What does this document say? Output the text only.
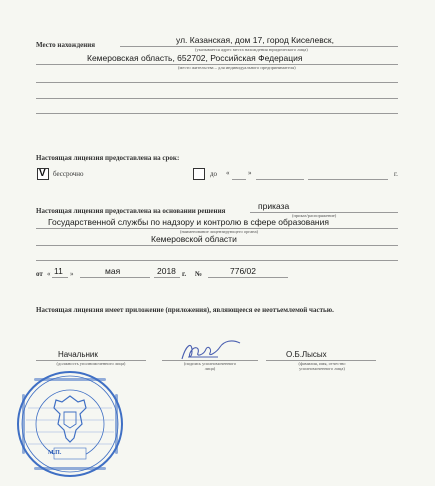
Место нахождения	ул. Казанская, дом 17, город Киселевск,
(указывается адрес места нахождения юридического лица)
Кемеровская область, 652702, Российская Федерация
(место жительства – для индивидуального предпринимателя)
Настоящая лицензия предоставлена на срок:
V бессрочно	до «	»	г.
Настоящая лицензия предоставлена на основании решения	приказа
(приказ/распоряжение)
Государственной службы по надзору и контролю в сфере образования
(наименование лицензирующего органа)
Кемеровской области
от « 11 »	мая	2018 г. №	776/02
Настоящая лицензия имеет приложение (приложения), являющееся ее неотъемлемой частью.
Начальник
(должность уполномоченного лица)	(подпись уполномоченного лица)
О.Б.Лысых
(фамилия, имя, отчество уполномоченного лица)
М.П.
